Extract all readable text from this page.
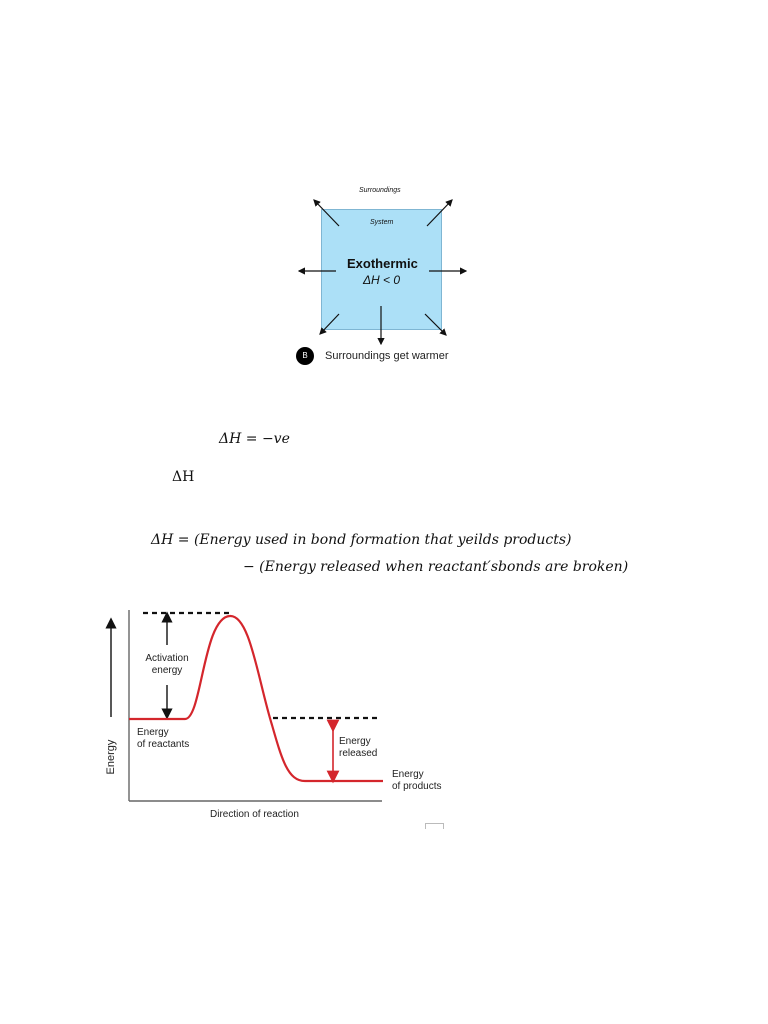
Surroundings
System
Exothermic
ΔH < 0
B	Surroundings get warmer
𝛥𝐻 = −𝑣𝑒
ΔH
𝛥𝐻 = (𝐸𝑛𝑒𝑟𝑔𝑦 𝑢𝑠𝑒𝑑 𝑖𝑛 𝑏𝑜𝑛𝑑 𝑓𝑜𝑟𝑚𝑎𝑡𝑖𝑜𝑛 𝑡ℎ𝑎𝑡 𝑦𝑒𝑖𝑙𝑑𝑠 𝑝𝑟𝑜𝑑𝑢𝑐𝑡𝑠)
− (𝐸𝑛𝑒𝑟𝑔𝑦 𝑟𝑒𝑙𝑒𝑎𝑠𝑒𝑑 𝑤ℎ𝑒𝑛 𝑟𝑒𝑎𝑐𝑡𝑎𝑛𝑡′𝑠𝑏𝑜𝑛𝑑𝑠 𝑎𝑟𝑒 𝑏𝑟𝑜𝑘𝑒𝑛)
Energy
Activation
energy
Energy
of reactants	Energy
released
Energy
of products
Direction of reaction
